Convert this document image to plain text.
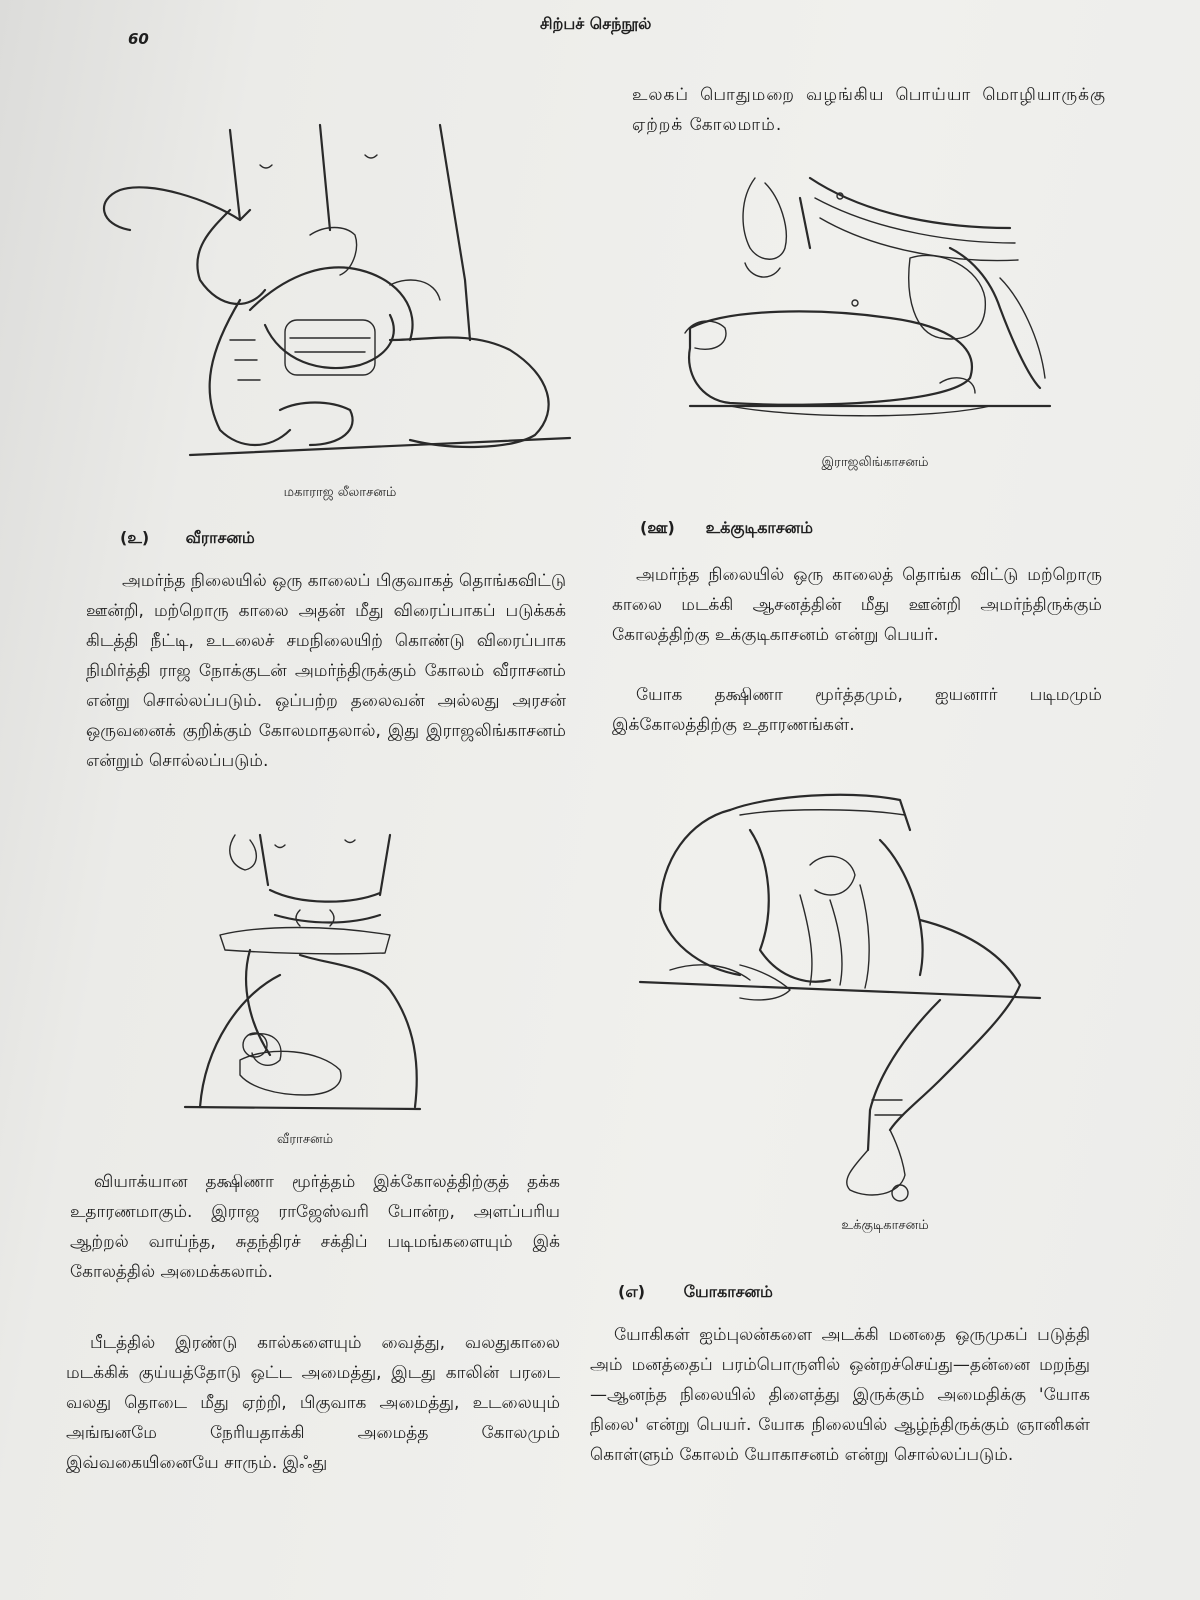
60
சிற்பச் செந்நூல்
மகாராஜ லீலாசனம்
(உ) வீராசனம்

அமர்ந்த நிலையில் ஒரு காலைப் பிகுவாகத் தொங்கவிட்டு ஊன்றி, மற்றொரு காலை அதன் மீது விரைப்பாகப் படுக்கக் கிடத்தி நீட்டி, உடலைச் சமநிலையிற் கொண்டு விரைப்பாக நிமிர்த்தி ராஜ நோக்குடன் அமர்ந்திருக்கும் கோலம் வீராசனம் என்று சொல்லப்படும். ஒப்பற்ற தலைவன் அல்லது அரசன் ஒருவனைக் குறிக்கும் கோலமாதலால், இது இராஜலிங்காசனம் என்றும் சொல்லப்படும்.

வீராசனம்

வியாக்யான தக்ஷிணா மூர்த்தம் இக்கோலத்திற்குத் தக்க உதாரணமாகும். இராஜ ராஜேஸ்வரி போன்ற, அளப்பரிய ஆற்றல் வாய்ந்த, சுதந்திரச் சக்திப் படிமங்களையும் இக் கோலத்தில் அமைக்கலாம்.

பீடத்தில் இரண்டு கால்களையும் வைத்து, வலதுகாலை மடக்கிக் குய்யத்தோடு ஒட்ட அமைத்து, இடது காலின் பரடை வலது தொடை மீது ஏற்றி, பிகுவாக அமைத்து, உடலையும் அங்ஙனமே நேரியதாக்கி அமைத்த கோலமும் இவ்வகையினையே சாரும். இஃது

உலகப் பொதுமறை வழங்கிய பொய்யா மொழியாருக்கு ஏற்றக் கோலமாம்.

இராஜலிங்காசனம்
(ஊ) உக்குடிகாசனம்

அமர்ந்த நிலையில் ஒரு காலைத் தொங்க விட்டு மற்றொரு காலை மடக்கி ஆசனத்தின் மீது ஊன்றி அமர்ந்திருக்கும் கோலத்திற்கு உக்குடிகாசனம் என்று பெயர்.

யோக தக்ஷிணா மூர்த்தமும், ஐயனார் படிமமும் இக்கோலத்திற்கு உதாரணங்கள்.

உக்குடிகாசனம்
(எ) யோகாசனம்

யோகிகள் ஐம்புலன்களை அடக்கி மனதை ஒருமுகப் படுத்தி அம் மனத்தைப் பரம்பொருளில் ஒன்றச்செய்து—தன்னை மறந்து—ஆனந்த நிலையில் திளைத்து இருக்கும் அமைதிக்கு 'யோக நிலை' என்று பெயர். யோக நிலையில் ஆழ்ந்திருக்கும் ஞானிகள் கொள்ளும் கோலம் யோகாசனம் என்று சொல்லப்படும்.
